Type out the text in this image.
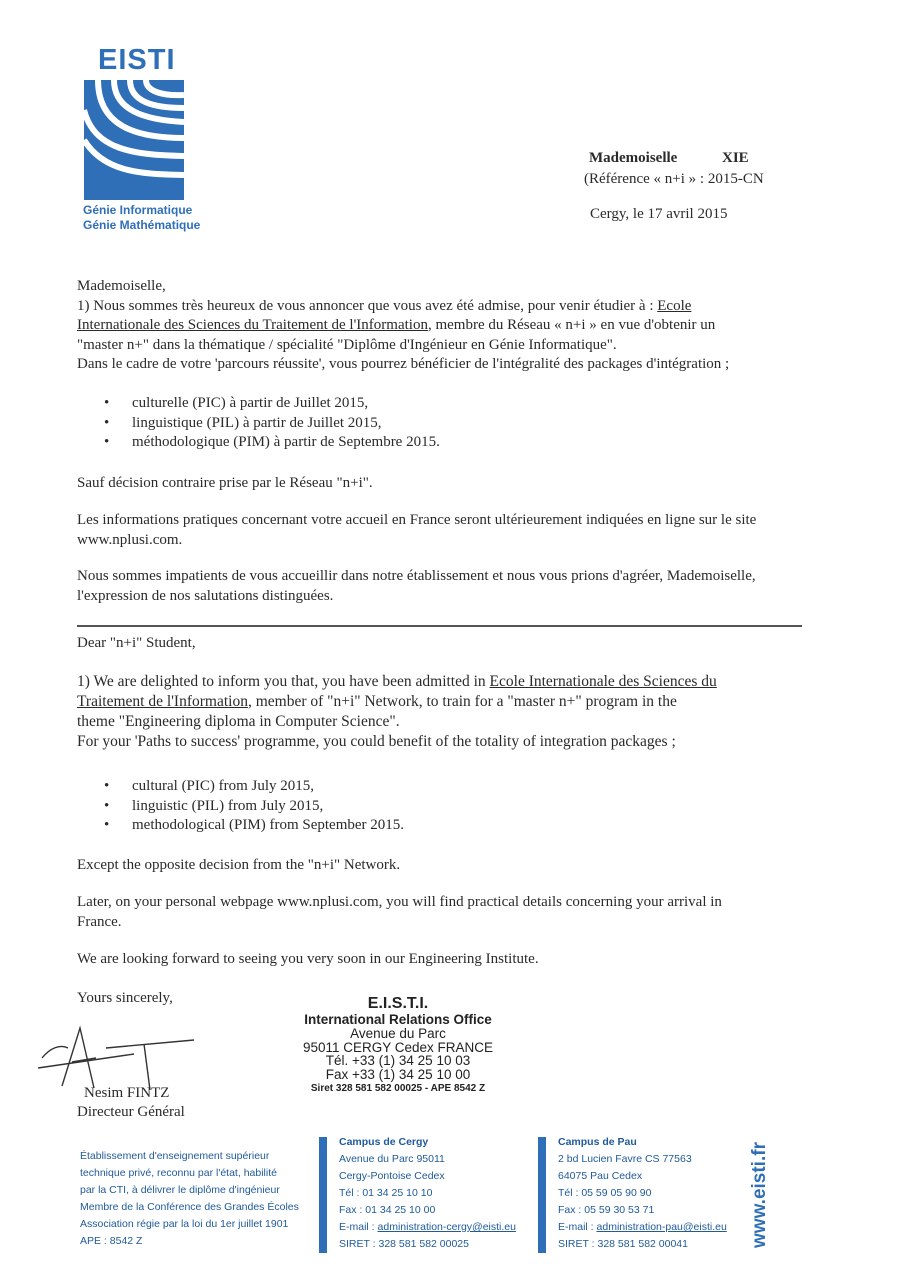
EISTI
Génie Informatique
Génie Mathématique
Mademoiselle	XIE
(Référence « n+i » : 2015-CN
Cergy, le 17 avril 2015
Mademoiselle,
1) Nous sommes très heureux de vous annoncer que vous avez été admise, pour venir étudier à : Ecole
Internationale des Sciences du Traitement de l'Information, membre du Réseau « n+i » en vue d'obtenir un
"master n+" dans la thématique / spécialité "Diplôme d'Ingénieur en Génie Informatique".
Dans le cadre de votre 'parcours réussite', vous pourrez bénéficier de l'intégralité des packages d'intégration ;
• culturelle (PIC) à partir de Juillet 2015,
• linguistique (PIL) à partir de Juillet 2015,
• méthodologique (PIM) à partir de Septembre 2015.
Sauf décision contraire prise par le Réseau "n+i".
Les informations pratiques concernant votre accueil en France seront ultérieurement indiquées en ligne sur le site
www.nplusi.com.
Nous sommes impatients de vous accueillir dans notre établissement et nous vous prions d'agréer, Mademoiselle,
l'expression de nos salutations distinguées.
Dear "n+i" Student,
1) We are delighted to inform you that, you have been admitted in Ecole Internationale des Sciences du
Traitement de l'Information, member of "n+i" Network, to train for a "master n+" program in the
theme "Engineering diploma in Computer Science".
For your 'Paths to success' programme, you could benefit of the totality of integration packages ;
• cultural (PIC) from July 2015,
• linguistic (PIL) from July 2015,
• methodological (PIM) from September 2015.
Except the opposite decision from the "n+i" Network.
Later, on your personal webpage www.nplusi.com, you will find practical details concerning your arrival in
France.
We are looking forward to seeing you very soon in our Engineering Institute.
Yours sincerely,
Nesim FINTZ
Directeur Général
E.I.S.T.I.
International Relations Office
Avenue du Parc
95011 CERGY Cedex FRANCE
Tél. +33 (1) 34 25 10 03
Fax +33 (1) 34 25 10 00
Siret 328 581 582 00025 - APE 8542 Z
Établissement d'enseignement supérieur
technique privé, reconnu par l'état, habilité
par la CTI, à délivrer le diplôme d'ingénieur
Membre de la Conférence des Grandes Écoles
Association régie par la loi du 1er juillet 1901
APE : 8542 Z
Campus de Cergy
Avenue du Parc 95011
Cergy-Pontoise Cedex
Tél : 01 34 25 10 10
Fax : 01 34 25 10 00
E-mail : administration-cergy@eisti.eu
SIRET : 328 581 582 00025
Campus de Pau
2 bd Lucien Favre CS 77563
64075 Pau Cedex
Tél : 05 59 05 90 90
Fax : 05 59 30 53 71
E-mail : administration-pau@eisti.eu
SIRET : 328 581 582 00041	www.eisti.fr
